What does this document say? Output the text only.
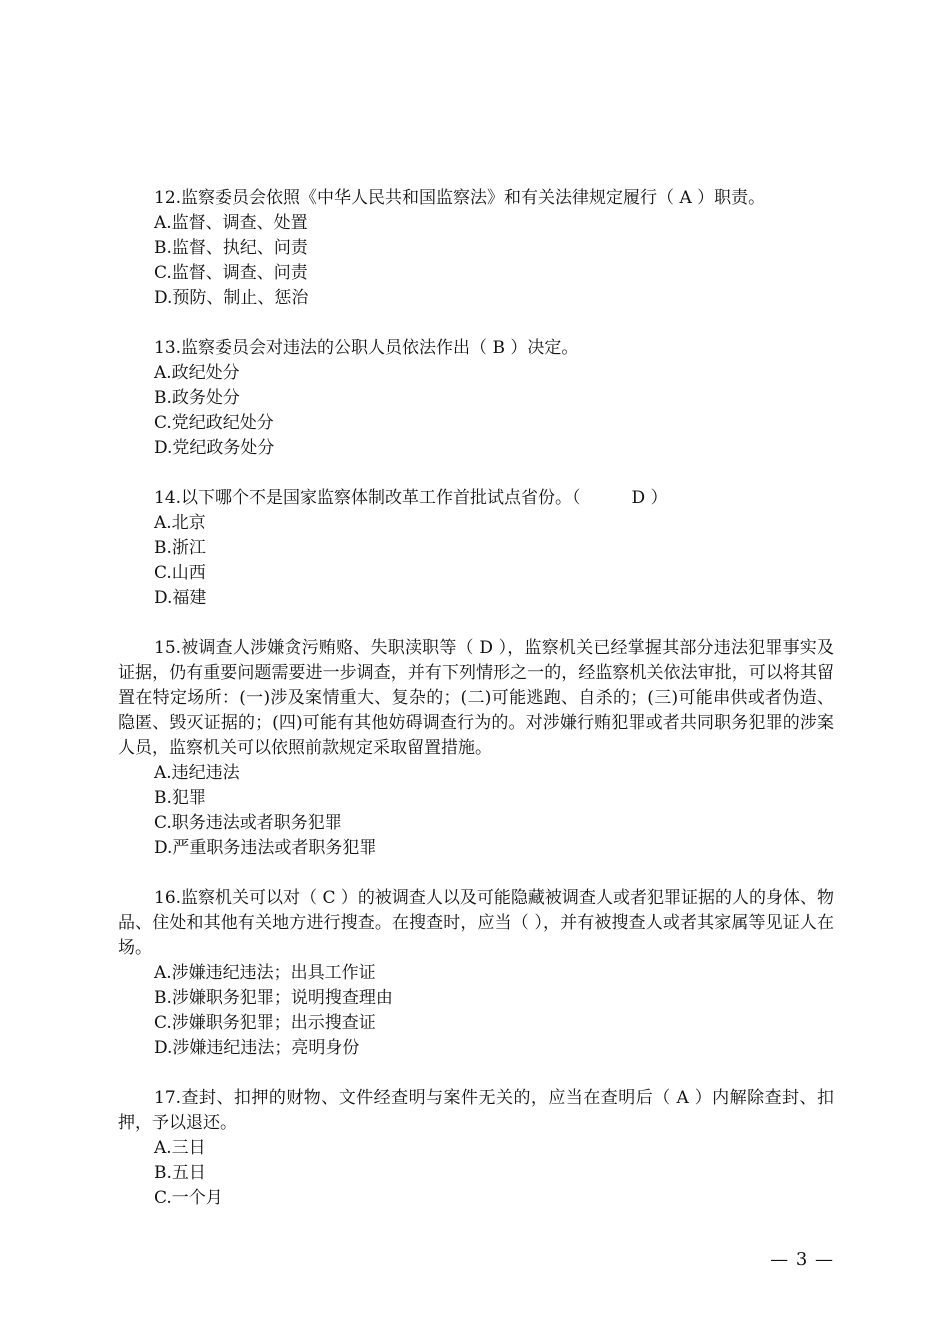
12.监察委员会依照《中华人民共和国监察法》和有关法律规定履行（ A ）职责。

A.监督、调查、处置
B.监督、执纪、问责
C.监督、调查、问责
D.预防、制止、惩治

13.监察委员会对违法的公职人员依法作出（ B ）决定。

A.政纪处分
B.政务处分
C.党纪政纪处分
D.党纪政务处分

14.以下哪个不是国家监察体制改革工作首批试点省份。（　　　D ）

A.北京
B.浙江
C.山西
D.福建

15.被调查人涉嫌贪污贿赂、失职渎职等（ D ），监察机关已经掌握其部分违法犯罪事实及证据，仍有重要问题需要进一步调查，并有下列情形之一的，经监察机关依法审批，可以将其留置在特定场所：(一)涉及案情重大、复杂的；(二)可能逃跑、自杀的；(三)可能串供或者伪造、隐匿、毁灭证据的；(四)可能有其他妨碍调查行为的。对涉嫌行贿犯罪或者共同职务犯罪的涉案人员，监察机关可以依照前款规定采取留置措施。

A.违纪违法
B.犯罪
C.职务违法或者职务犯罪
D.严重职务违法或者职务犯罪

16.监察机关可以对（ C ）的被调查人以及可能隐藏被调查人或者犯罪证据的人的身体、物品、住处和其他有关地方进行搜查。在搜查时，应当（ ），并有被搜查人或者其家属等见证人在场。

A.涉嫌违纪违法；出具工作证
B.涉嫌职务犯罪；说明搜查理由
C.涉嫌职务犯罪；出示搜查证
D.涉嫌违纪违法；亮明身份

17.查封、扣押的财物、文件经查明与案件无关的，应当在查明后（ A ）内解除查封、扣押，予以退还。

A.三日
B.五日
C.一个月
— 3 —
